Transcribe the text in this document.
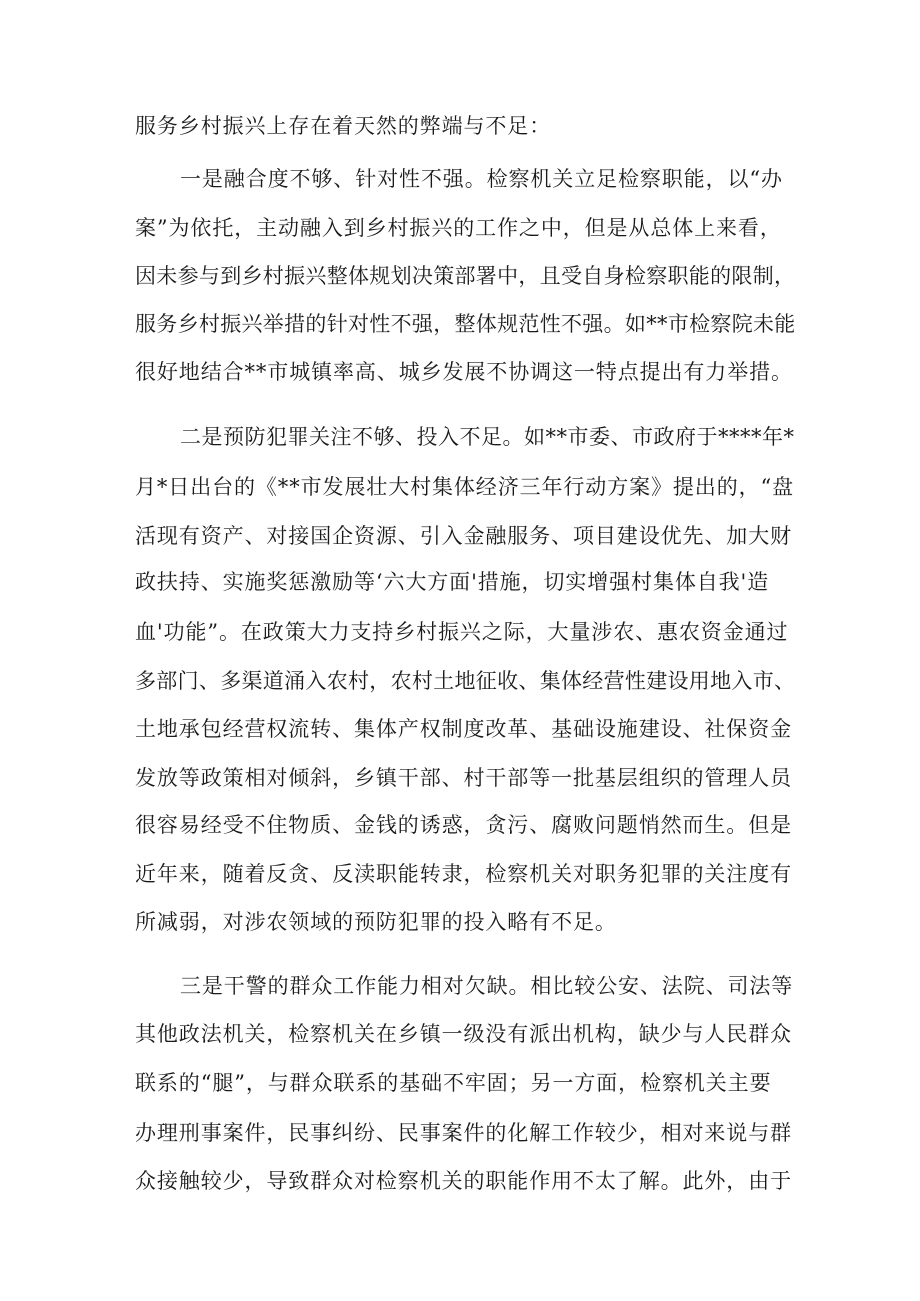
服务乡村振兴上存在着天然的弊端与不足：
一是融合度不够、针对性不强。检察机关立足检察职能，以“办
案”为依托，主动融入到乡村振兴的工作之中，但是从总体上来看，
因未参与到乡村振兴整体规划决策部署中，且受自身检察职能的限制，
服务乡村振兴举措的针对性不强，整体规范性不强。如**市检察院未能
很好地结合**市城镇率高、城乡发展不协调这一特点提出有力举措。
二是预防犯罪关注不够、投入不足。如**市委、市政府于****年*
月*日出台的《**市发展壮大村集体经济三年行动方案》提出的，“盘
活现有资产、对接国企资源、引入金融服务、项目建设优先、加大财
政扶持、实施奖惩激励等‘六大方面'措施，切实增强村集体自我'造
血'功能”。在政策大力支持乡村振兴之际，大量涉农、惠农资金通过
多部门、多渠道涌入农村，农村土地征收、集体经营性建设用地入市、
土地承包经营权流转、集体产权制度改革、基础设施建设、社保资金
发放等政策相对倾斜，乡镇干部、村干部等一批基层组织的管理人员
很容易经受不住物质、金钱的诱惑，贪污、腐败问题悄然而生。但是
近年来，随着反贪、反渎职能转隶，检察机关对职务犯罪的关注度有
所减弱，对涉农领域的预防犯罪的投入略有不足。
三是干警的群众工作能力相对欠缺。相比较公安、法院、司法等
其他政法机关，检察机关在乡镇一级没有派出机构，缺少与人民群众
联系的“腿”，与群众联系的基础不牢固；另一方面，检察机关主要
办理刑事案件，民事纠纷、民事案件的化解工作较少，相对来说与群
众接触较少，导致群众对检察机关的职能作用不太了解。此外，由于
